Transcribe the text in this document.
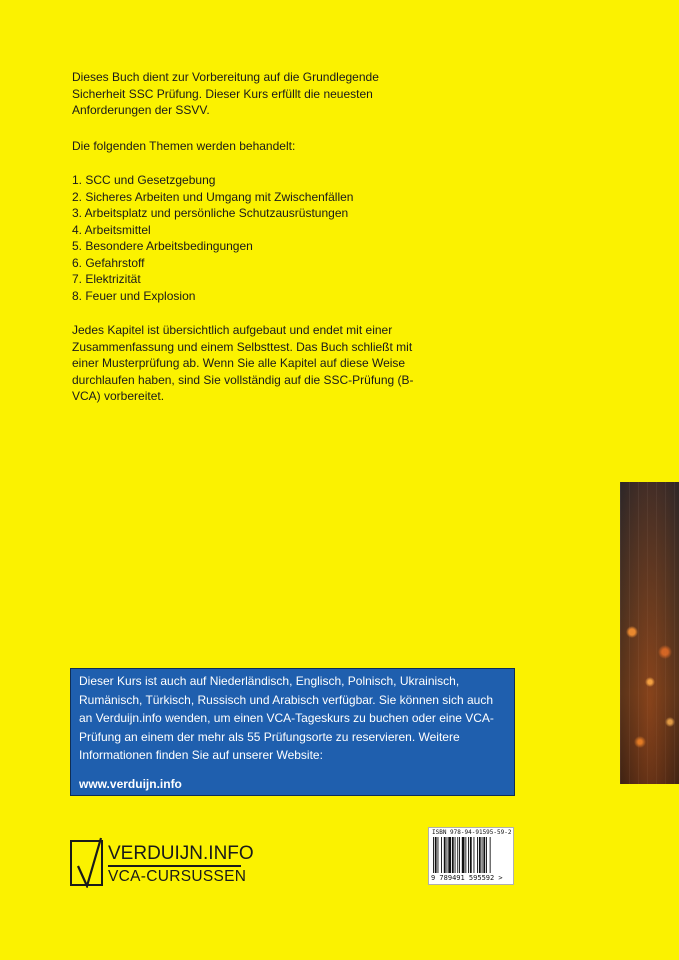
Dieses Buch dient zur Vorbereitung auf die Grundlegende Sicherheit SSC Prüfung. Dieser Kurs erfüllt die neuesten Anforderungen der SSVV.

Die folgenden Themen werden behandelt:

1. SCC und Gesetzgebung
2. Sicheres Arbeiten und Umgang mit Zwischenfällen
3. Arbeitsplatz und persönliche Schutzausrüstungen
4. Arbeitsmittel
5. Besondere Arbeitsbedingungen
6. Gefahrstoff
7. Elektrizität
8. Feuer und Explosion

Jedes Kapitel ist übersichtlich aufgebaut und endet mit einer Zusammenfassung und einem Selbsttest. Das Buch schließt mit einer Musterprüfung ab. Wenn Sie alle Kapitel auf diese Weise durchlaufen haben, sind Sie vollständig auf die SSC-Prüfung (B-VCA) vorbereitet.

Dieser Kurs ist auch auf Niederländisch, Englisch, Polnisch, Ukrainisch, Rumänisch, Türkisch, Russisch und Arabisch verfügbar. Sie können sich auch an Verduijn.info wenden, um einen VCA-Tageskurs zu buchen oder eine VCA-Prüfung an einem der mehr als 55 Prüfungsorte zu reservieren. Weitere Informationen finden Sie auf unserer Website:

www.verduijn.info

VERDUIJN.INFO
VCA-CURSUSSEN
ISBN 978-94-91595-59-2
9 789491 595592 >
